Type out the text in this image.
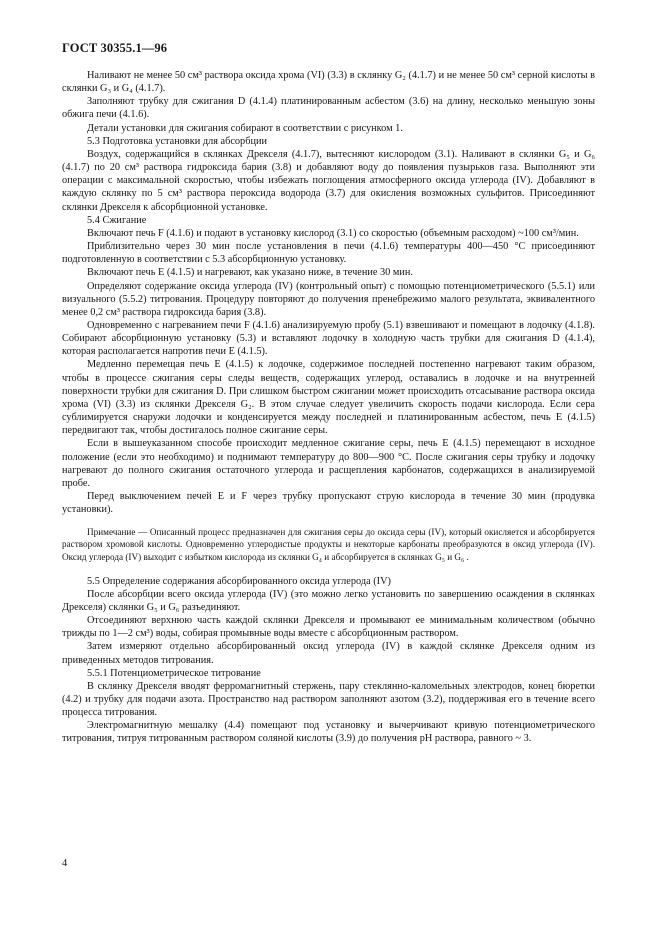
ГОСТ 30355.1—96

Наливают не менее 50 см³ раствора оксида хрома (VI) (3.3) в склянку G₂ (4.1.7) и не менее 50 см³ серной кислоты в склянки G₃ и G₄ (4.1.7).

Заполняют трубку для сжигания D (4.1.4) платинированным асбестом (3.6) на длину, несколько меньшую зоны обжига печи (4.1.6).

Детали установки для сжигания собирают в соответствии с рисунком 1.

5.3 Подготовка установки для абсорбции

Воздух, содержащийся в склянках Дрекселя (4.1.7), вытесняют кислородом (3.1). Наливают в склянки G₅ и G₆ (4.1.7) по 20 см³ раствора гидроксида бария (3.8) и добавляют воду до появления пузырьков газа. Выполняют эти операции с максимальной скоростью, чтобы избежать поглощения атмосферного оксида углерода (IV). Добавляют в каждую склянку по 5 см³ раствора пероксида водорода (3.7) для окисления возможных сульфитов. Присоединяют склянки Дрекселя к абсорбционной установке.

5.4 Сжигание

Включают печь F (4.1.6) и подают в установку кислород (3.1) со скоростью (объемным расходом) ~100 см³/мин.

Приблизительно через 30 мин после установления в печи (4.1.6) температуры 400—450 °С присоединяют подготовленную в соответствии с 5.3 абсорбционную установку.

Включают печь E (4.1.5) и нагревают, как указано ниже, в течение 30 мин.

Определяют содержание оксида углерода (IV) (контрольный опыт) с помощью потенциометрического (5.5.1) или визуального (5.5.2) титрования. Процедуру повторяют до получения пренебрежимо малого результата, эквивалентного менее 0,2 см³ раствора гидроксида бария (3.8).

Одновременно с нагреванием печи F (4.1.6) анализируемую пробу (5.1) взвешивают и помещают в лодочку (4.1.8). Собирают абсорбционную установку (5.3) и вставляют лодочку в холодную часть трубки для сжигания D (4.1.4), которая располагается напротив печи E (4.1.5).

Медленно перемещая печь E (4.1.5) к лодочке, содержимое последней постепенно нагревают таким образом, чтобы в процессе сжигания серы следы веществ, содержащих углерод, оставались в лодочке и на внутренней поверхности трубки для сжигания D. При слишком быстром сжигании может происходить отсасывание раствора оксида хрома (VI) (3.3) из склянки Дрекселя G₂. В этом случае следует увеличить скорость подачи кислорода. Если сера сублимируется снаружи лодочки и конденсируется между последней и платинированным асбестом, печь E (4.1.5) передвигают так, чтобы достигалось полное сжигание серы.

Если в вышеуказанном способе происходит медленное сжигание серы, печь E (4.1.5) перемещают в исходное положение (если это необходимо) и поднимают температуру до 800—900 °С. После сжигания серы трубку и лодочку нагревают до полного сжигания остаточного углерода и расщепления карбонатов, содержащихся в анализируемой пробе.

Перед выключением печей E и F через трубку пропускают струю кислорода в течение 30 мин (продувка установки).

Примечание — Описанный процесс предназначен для сжигания серы до оксида серы (IV), который окисляется и абсорбируется раствором хромовой кислоты. Одновременно углеродистые продукты и некоторые карбонаты преобразуются в оксид углерода (IV). Оксид углерода (IV) выходит с избытком кислорода из склянки G₄ и абсорбируется в склянках G₅ и G₆ .

5.5 Определение содержания абсорбированного оксида углерода (IV)

После абсорбции всего оксида углерода (IV) (это можно легко установить по завершению осаждения в склянках Дрекселя) склянки G₅ и G₆ разъединяют.

Отсоединяют верхнюю часть каждой склянки Дрекселя и промывают ее минимальным количеством (обычно трижды по 1—2 см³) воды, собирая промывные воды вместе с абсорбционным раствором.

Затем измеряют отдельно абсорбированный оксид углерода (IV) в каждой склянке Дрекселя одним из приведенных методов титрования.

5.5.1 Потенциометрическое титрование

В склянку Дрекселя вводят ферромагнитный стержень, пару стеклянно-каломельных электродов, конец бюретки (4.2) и трубку для подачи азота. Пространство над раствором заполняют азотом (3.2), поддерживая его в течение всего процесса титрования.

Электромагнитную мешалку (4.4) помещают под установку и вычерчивают кривую потенциометрического титрования, титруя титрованным раствором соляной кислоты (3.9) до получения pH раствора, равного ~ 3.

4
